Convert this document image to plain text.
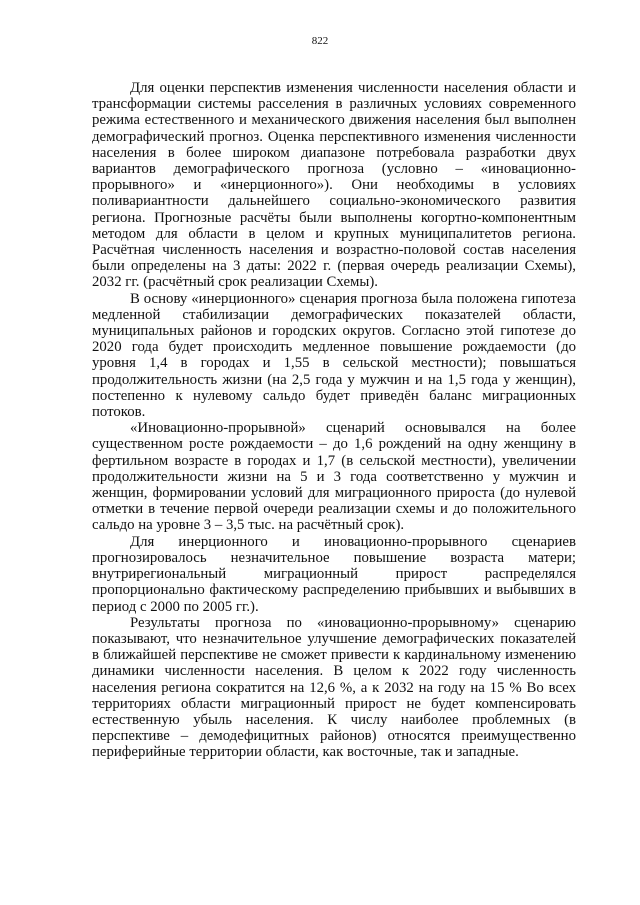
822

Для оценки перспектив изменения численности населения области и трансформации системы расселения в различных условиях современного режима естественного и механического движения населения был выполнен демографический прогноз. Оценка перспективного изменения численности населения в более широком диапазоне потребовала разработки двух вариантов демографического прогноза (условно – «иновационно-прорывного» и «инерционного»). Они необходимы в условиях поливариантности дальнейшего социально-экономического развития региона. Прогнозные расчёты были выполнены когортно-компонентным методом для области в целом и крупных муниципалитетов региона. Расчётная численность населения и возрастно-половой состав населения были определены на 3 даты: 2022 г. (первая очередь реализации Схемы), 2032 гг. (расчётный срок реализации Схемы).

В основу «инерционного» сценария прогноза была положена гипотеза медленной стабилизации демографических показателей области, муниципальных районов и городских округов. Согласно этой гипотезе до 2020 года будет происходить медленное повышение рождаемости (до уровня 1,4 в городах и 1,55 в сельской местности); повышаться продолжительность жизни (на 2,5 года у мужчин и на 1,5 года у женщин), постепенно к нулевому сальдо будет приведён баланс миграционных потоков.

«Иновационно-прорывной» сценарий основывался на более существенном росте рождаемости – до 1,6 рождений на одну женщину в фертильном возрасте в городах и 1,7 (в сельской местности), увеличении продолжительности жизни на 5 и 3 года соответственно у мужчин и женщин, формировании условий для миграционного прироста (до нулевой отметки в течение первой очереди реализации схемы и до положительного сальдо на уровне 3 – 3,5 тыс. на расчётный срок).

Для инерционного и иновационно-прорывного сценариев прогнозировалось незначительное повышение возраста матери; внутрирегиональный миграционный прирост распределялся пропорционально фактическому распределению прибывших и выбывших в период с 2000 по 2005 гг.).

Результаты прогноза по «иновационно-прорывному» сценарию показывают, что незначительное улучшение демографических показателей в ближайшей перспективе не сможет привести к кардинальному изменению динамики численности населения. В целом к 2022 году численность населения региона сократится на 12,6 %, а к 2032 на году на 15 % Во всех территориях области миграционный прирост не будет компенсировать естественную убыль населения. К числу наиболее проблемных (в перспективе – демодефицитных районов) относятся преимущественно периферийные территории области, как восточные, так и западные.
